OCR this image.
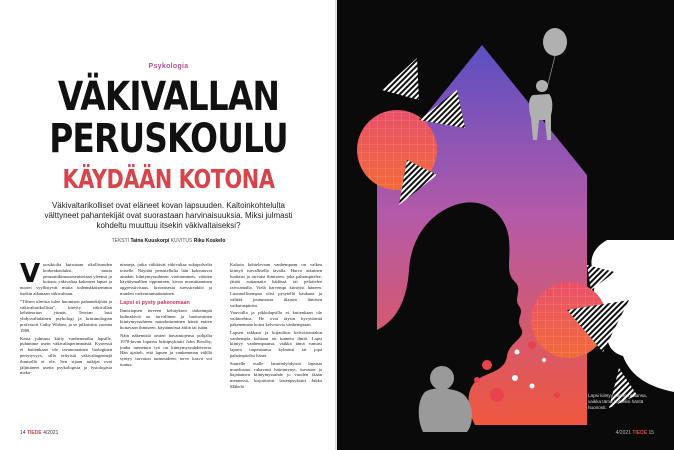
Psykologia
VÄKIVALLAN
PERUSKOULU
KÄYDÄÄN KOTONA
Väkivaltarikolliset ovat eläneet kovan lapsuuden. Kaltoinkohtelulta välttyneet pahantekijät ovat suorastaan harvinaisuuksia. Miksi julmasti kohdeltu muuttuu itsekin väkivaltaiseksi?
TEKSTI Taina Kuuskorpi KUVITUS Riku Koskelo

Vuosikiolta kutsutaan rikollisuuden korkeakouluksi, mutta perusatiikimuuoseutsetaan yleensä jo kotona: väkivaltaa kokeneet lapset ja nuoret syyllistyvät muita todennäköisemmin itsekin aikanaan väkivaltaan.

”Tilisen ulreista tulee huomisen pahantekijöitä ja väkivaltarikollisia”, kiteyty väkivallan kehäteoriun ytimäs. Teorian lasti yhdysvaltalainen psykologi ja kriminologian professori Cathy Widom, ja se julkaistiin vuonna 1989.

Kesta julmasu kiitty vanhemmilta lapsille, puhumme usein väkivaltaperimmästä. Kyseessä ei kuitenkaan ole tavanomainen biologinen periytyvyys, sillä erityisiä väkivaltageenejä ihmisellä ei ole. Sen sijaan tutkijat ovat jäljittäneet useita psykologisia ja fysiologisia meka-

nismeja, jotka välittävät väkivaltaa sukupolvelta toiselle. Näyttää perustellulta liän kokeutuvat ainakin kiintymyssuhteen vioittuminen, väärien käyttäymallien oppiminen, kivun normittaminen aggressiivisuus, kroonisesta stressireaktio ja muiden vaikeuttumattuminen.

Lapsi ei pysty pakenemaan

Ihmislapsen terveen kehityksen tärkeimpiä kulmakiviä on turvallinen ja luottavainen kiintymyssuhteen muodostuminen häntä eniten hoitavaan ihmiseen, käytännössä äitiin tai isään.

Näin näkemistä omien havaintojensa pohjalta 1970-luvun lopussa brittipsykiatri John Bowlby, jonka tunnetuin työ on kiintymyssuhdeteoria. Hän ajatteli, että lapsen ja vanhemman välillä syntyy turvaton tunnesideen, terve kasvu voi tuutua.

Kaltoin kohtelevaan vanhempaan on vaikea kiintyä turvallisella tavalla. Harva aikuinen luottaisi ja turvaisi ihmiseen, joka pahoinpitelee, jättää auttamatta hädässä tai pelottelee raivoamalla. Vielä harvempi kiintyisi häneen. Luonnollisempaa olisi pysytellä kaukana ja välttää joutumasta tilaisen ihmisen vaikutuspiiriin.

Vauvoilla ja pikkulapsilla ei kuitenkaan ole vaihtoehtoa. He ovat täysin kyvyttömiä pakenemaan kotoa kelvotovia vanhempiaan.

Lapsen rakkaus ja kiijaulitus kelvottomiakin vanhempia kohtaan on tunnetu ilmiö. Lapsi kiintyy vanhempaansa, vaikka tämä vanuisi lapsen tarpeistansa kylmästi tai jopa pahoinpitelisi häntä.

Suurelle osalle laimiinlyödyistä lapsista muodostuu vakavasti häiriintynyt, turvaton ja hajanainen kiintymyssuhde jo vuoden ikään mennessä, kirjoittavat lastenpsykiatri Jukka Mäkelä

14 TIEDE 4/2021
Lapsi kiintyy vanhempaansa, vaikka tämä kohtelisi häntä huonosti.
4/2021 TIEDE 15
